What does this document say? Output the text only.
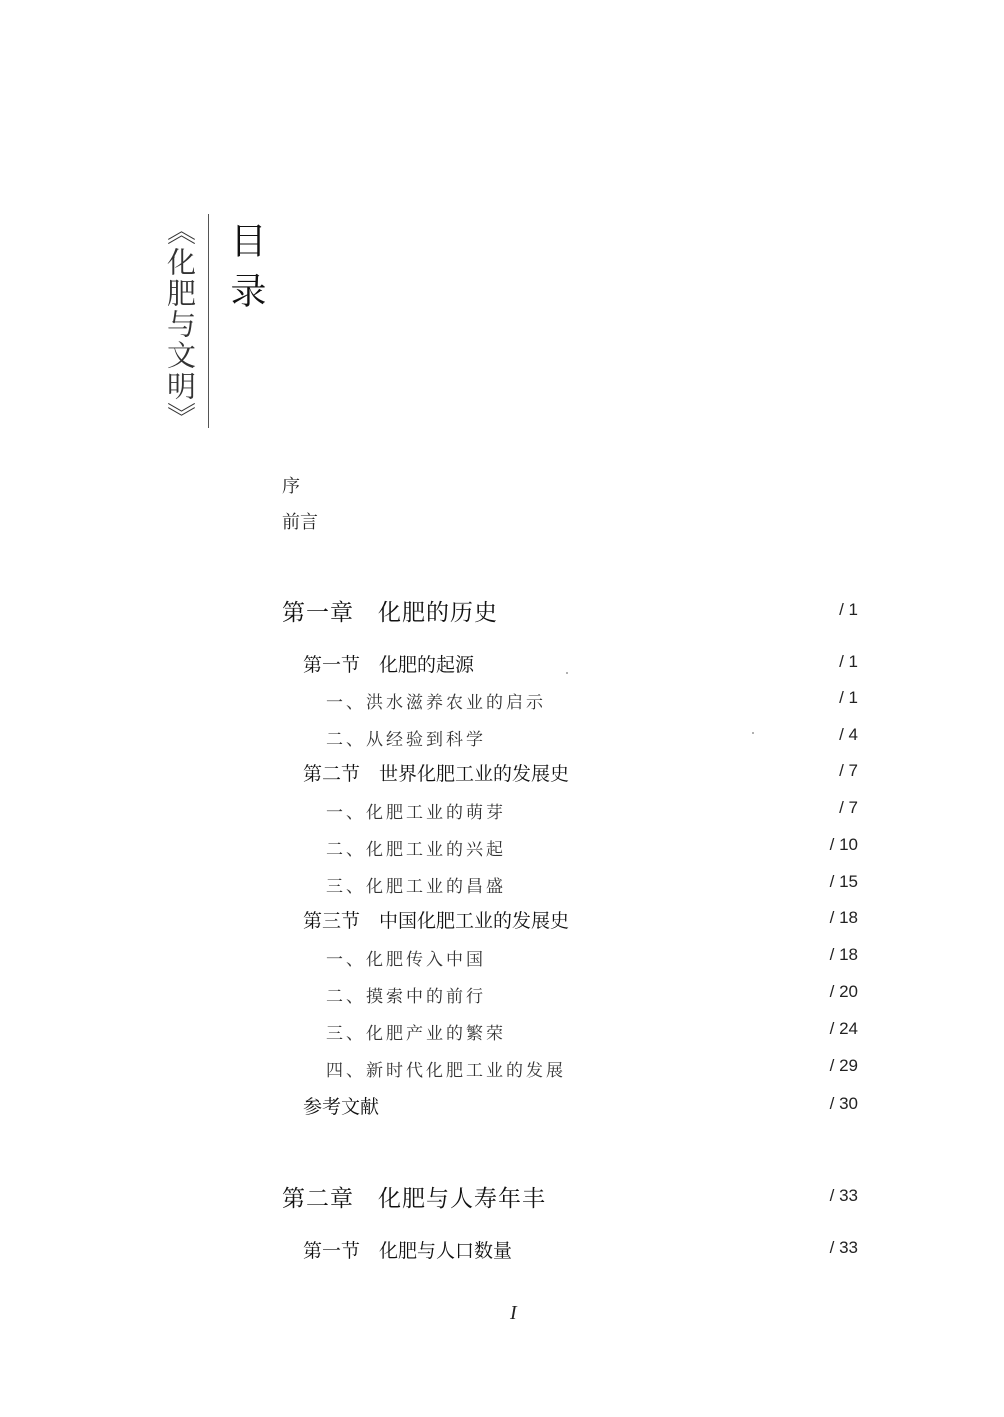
《化肥与文明》 目录
序
前言
第一章　化肥的历史	/ 1
第一节　化肥的起源	/ 1
一、洪水滋养农业的启示	/ 1
二、从经验到科学	/ 4
第二节　世界化肥工业的发展史	/ 7
一、化肥工业的萌芽	/ 7
二、化肥工业的兴起	/ 10
三、化肥工业的昌盛	/ 15
第三节　中国化肥工业的发展史	/ 18
一、化肥传入中国	/ 18
二、摸索中的前行	/ 20
三、化肥产业的繁荣	/ 24
四、新时代化肥工业的发展	/ 29
参考文献	/ 30
第二章　化肥与人寿年丰	/ 33
第一节　化肥与人口数量	/ 33
I
